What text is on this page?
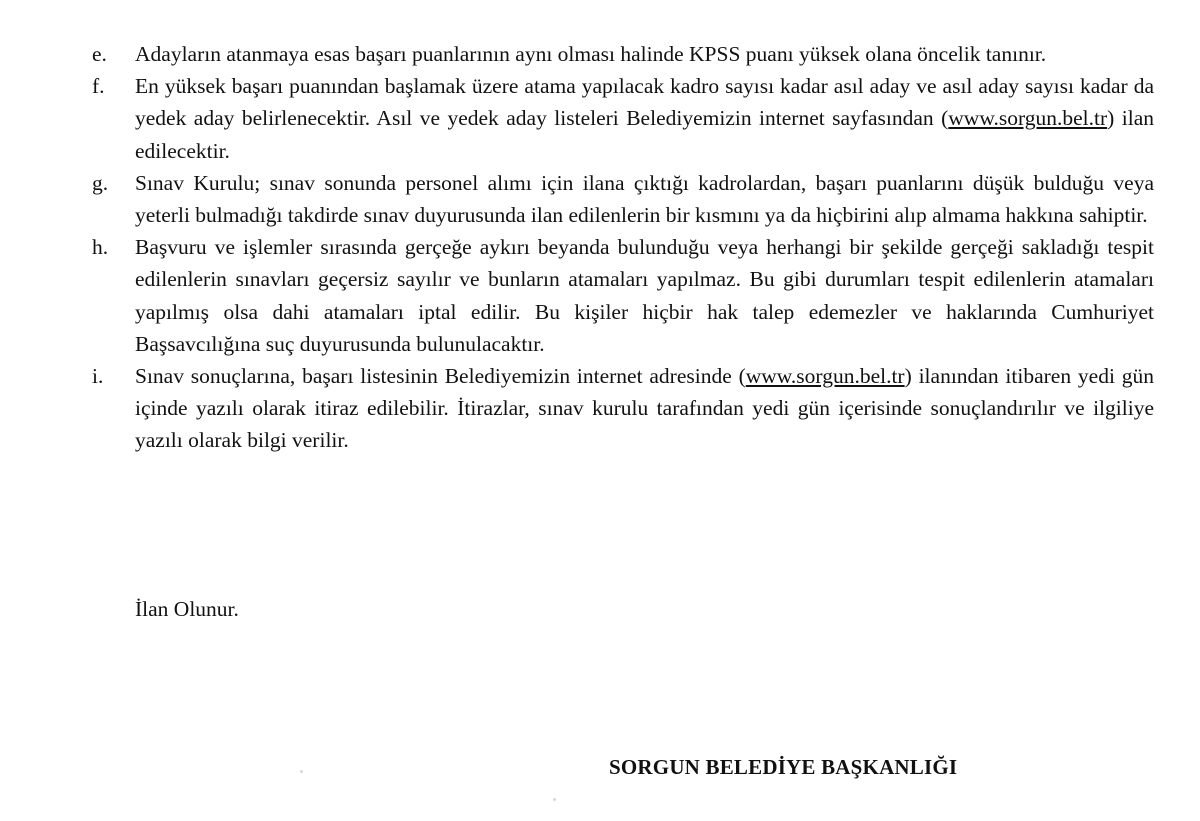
e.	Adayların atanmaya esas başarı puanlarının aynı olması halinde KPSS puanı yüksek olana öncelik tanınır.
f.	En yüksek başarı puanından başlamak üzere atama yapılacak kadro sayısı kadar asıl aday ve asıl aday sayısı kadar da yedek aday belirlenecektir. Asıl ve yedek aday listeleri Belediyemizin internet sayfasından (www.sorgun.bel.tr) ilan edilecektir.
g.	Sınav Kurulu; sınav sonunda personel alımı için ilana çıktığı kadrolardan, başarı puanlarını düşük bulduğu veya yeterli bulmadığı takdirde sınav duyurusunda ilan edilenlerin bir kısmını ya da hiçbirini alıp almama hakkına sahiptir.
h.	Başvuru ve işlemler sırasında gerçeğe aykırı beyanda bulunduğu veya herhangi bir şekilde gerçeği sakladığı tespit edilenlerin sınavları geçersiz sayılır ve bunların atamaları yapılmaz. Bu gibi durumları tespit edilenlerin atamaları yapılmış olsa dahi atamaları iptal edilir. Bu kişiler hiçbir hak talep edemezler ve haklarında Cumhuriyet Başsavcılığına suç duyurusunda bulunulacaktır.
i.	Sınav sonuçlarına, başarı listesinin Belediyemizin internet adresinde (www.sorgun.bel.tr) ilanından itibaren yedi gün içinde yazılı olarak itiraz edilebilir. İtirazlar, sınav kurulu tarafından yedi gün içerisinde sonuçlandırılır ve ilgiliye yazılı olarak bilgi verilir.
İlan Olunur.
SORGUN BELEDİYE BAŞKANLIĞI
